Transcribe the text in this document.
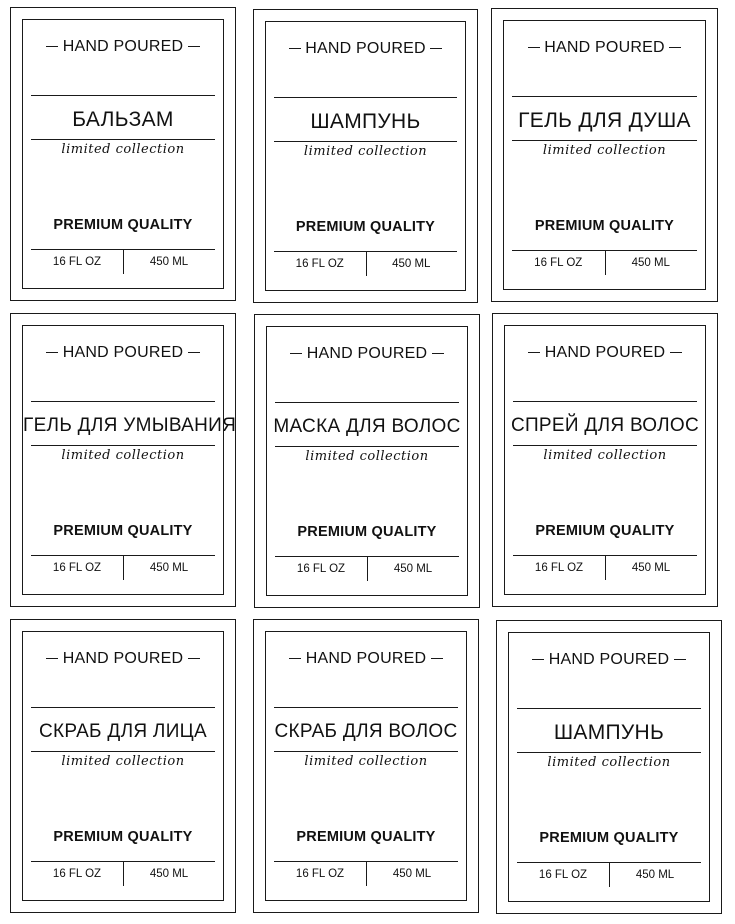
HAND POURED
БАЛЬЗАМ
limited collection
PREMIUM QUALITY
16 FL OZ	450 ML
HAND POURED
ШАМПУНЬ
limited collection
PREMIUM QUALITY
16 FL OZ	450 ML
HAND POURED
ГЕЛЬ ДЛЯ ДУША
limited collection
PREMIUM QUALITY
16 FL OZ	450 ML
HAND POURED
ГЕЛЬ ДЛЯ УМЫВАНИЯ
limited collection
PREMIUM QUALITY
16 FL OZ	450 ML
HAND POURED
МАСКА ДЛЯ ВОЛОС
limited collection
PREMIUM QUALITY
16 FL OZ	450 ML
HAND POURED
СПРЕЙ ДЛЯ ВОЛОС
limited collection
PREMIUM QUALITY
16 FL OZ	450 ML
HAND POURED
СКРАБ ДЛЯ ЛИЦА
limited collection
PREMIUM QUALITY
16 FL OZ	450 ML
HAND POURED
СКРАБ ДЛЯ ВОЛОС
limited collection
PREMIUM QUALITY
16 FL OZ	450 ML
HAND POURED
ШАМПУНЬ
limited collection
PREMIUM QUALITY
16 FL OZ	450 ML
